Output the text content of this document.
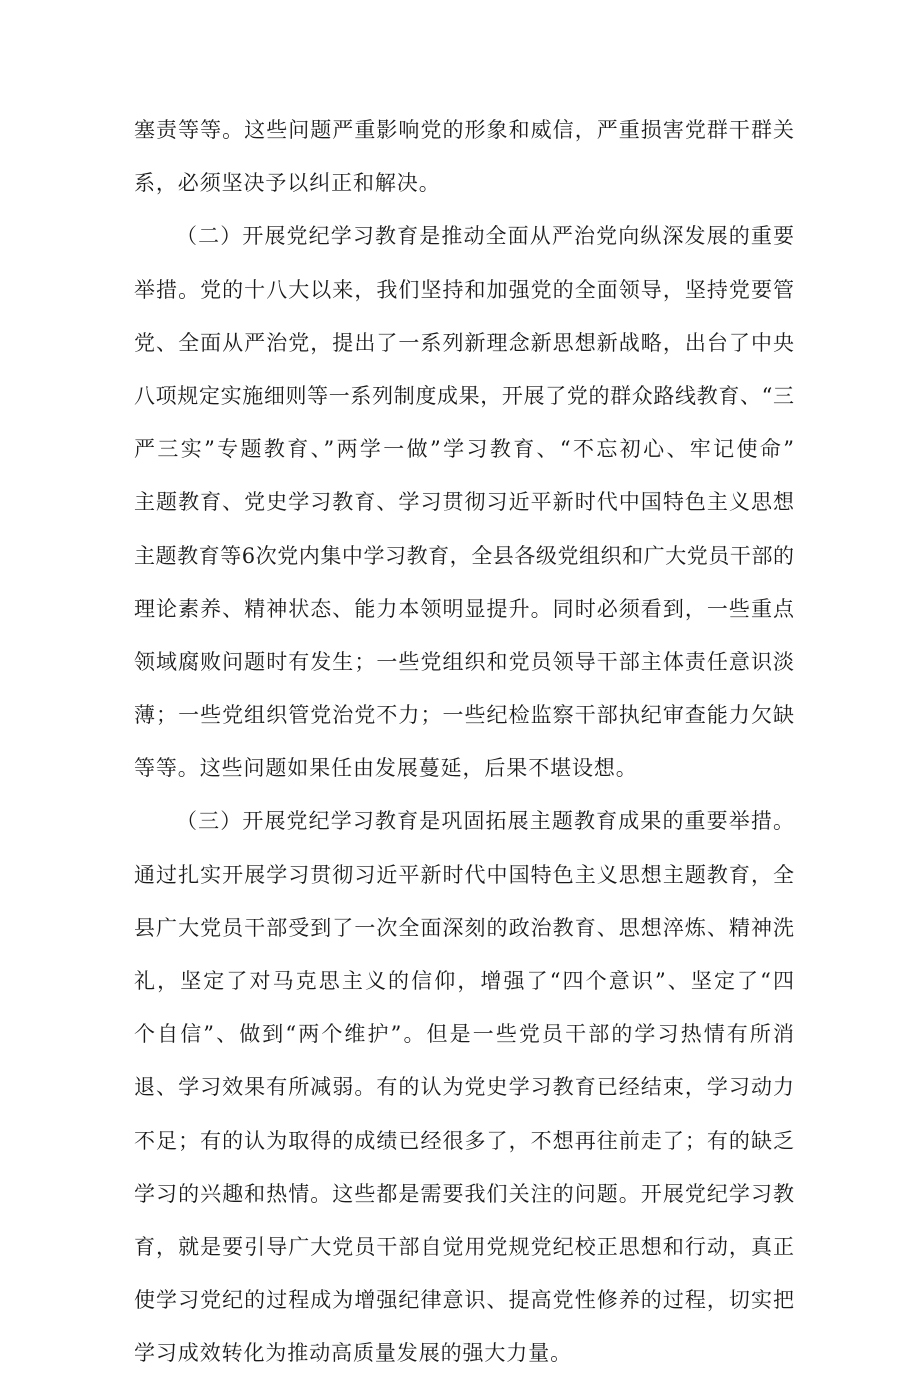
塞责等等。这些问题严重影响党的形象和威信，严重损害党群干群关
系，必须坚决予以纠正和解决。
（二）开展党纪学习教育是推动全面从严治党向纵深发展的重要
举措。党的十八大以来，我们坚持和加强党的全面领导，坚持党要管
党、全面从严治党，提出了一系列新理念新思想新战略，出台了中央
八项规定实施细则等一系列制度成果，开展了党的群众路线教育、“三
严三实”专题教育、”两学一做”学习教育、“不忘初心、牢记使命”
主题教育、党史学习教育、学习贯彻习近平新时代中国特色主义思想
主题教育等6次党内集中学习教育，全县各级党组织和广大党员干部的
理论素养、精神状态、能力本领明显提升。同时必须看到，一些重点
领域腐败问题时有发生；一些党组织和党员领导干部主体责任意识淡
薄；一些党组织管党治党不力；一些纪检监察干部执纪审查能力欠缺
等等。这些问题如果任由发展蔓延，后果不堪设想。
（三）开展党纪学习教育是巩固拓展主题教育成果的重要举措。
通过扎实开展学习贯彻习近平新时代中国特色主义思想主题教育，全
县广大党员干部受到了一次全面深刻的政治教育、思想淬炼、精神洗
礼，坚定了对马克思主义的信仰，增强了“四个意识”、坚定了“四
个自信”、做到“两个维护”。但是一些党员干部的学习热情有所消
退、学习效果有所减弱。有的认为党史学习教育已经结束，学习动力
不足；有的认为取得的成绩已经很多了，不想再往前走了；有的缺乏
学习的兴趣和热情。这些都是需要我们关注的问题。开展党纪学习教
育，就是要引导广大党员干部自觉用党规党纪校正思想和行动，真正
使学习党纪的过程成为增强纪律意识、提高党性修养的过程，切实把
学习成效转化为推动高质量发展的强大力量。
